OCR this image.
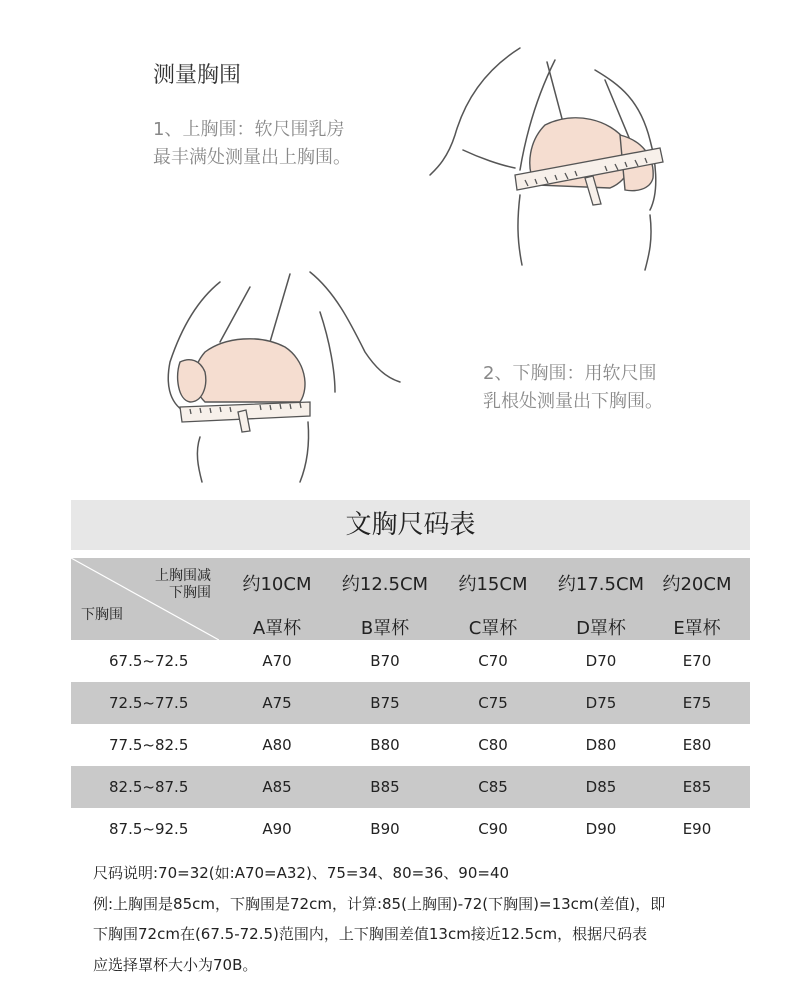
测量胸围
1、上胸围：软尺围乳房
最丰满处测量出上胸围。
2、下胸围：用软尺围
乳根处测量出下胸围。
文胸尺码表
上胸围减
下胸围
下胸围
约10CM	约12.5CM	约15CM	约17.5CM	约20CM
A罩杯	B罩杯	C罩杯	D罩杯	E罩杯
67.5~72.5	A70	B70	C70	D70	E70
72.5~77.5	A75	B75	C75	D75	E75
77.5~82.5	A80	B80	C80	D80	E80
82.5~87.5	A85	B85	C85	D85	E85
87.5~92.5	A90	B90	C90	D90	E90
尺码说明:70=32(如:A70=A32)、75=34、80=36、90=40
例:上胸围是85cm，下胸围是72cm，计算:85(上胸围)-72(下胸围)=13cm(差值)，即
下胸围72cm在(67.5-72.5)范围内，上下胸围差值13cm接近12.5cm，根据尺码表
应选择罩杯大小为70B。
